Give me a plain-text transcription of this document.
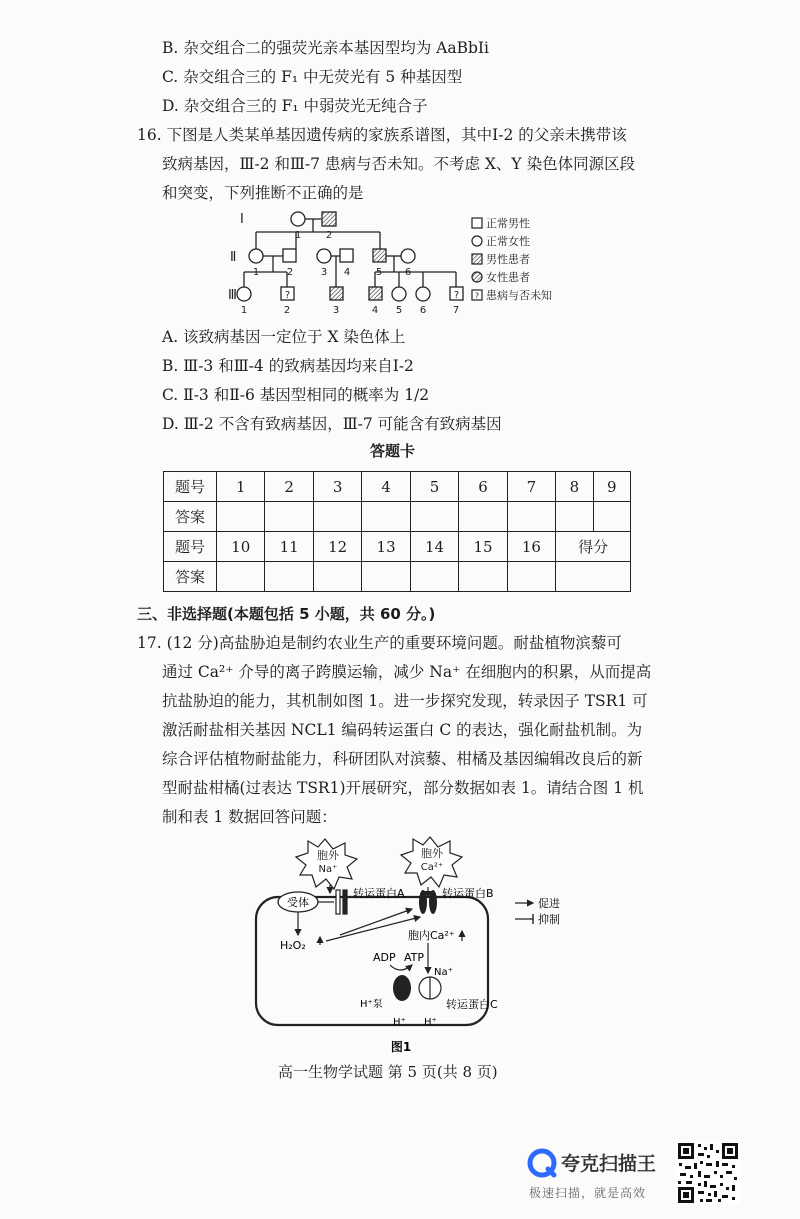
B. 杂交组合二的强荧光亲本基因型均为 AaBbIi
C. 杂交组合三的 F₁ 中无荧光有 5 种基因型
D. 杂交组合三的 F₁ 中弱荧光无纯合子
16. 下图是人类某单基因遗传病的家族系谱图，其中Ⅰ-2 的父亲未携带该
致病基因，Ⅲ-2 和Ⅲ-7 患病与否未知。不考虑 X、Y 染色体同源区段
和突变，下列推断不正确的是
?	?
Ⅰ
Ⅱ
Ⅲ
1 2
1	2	3 4	5 6
1	2	3	4 5 6	7
?
正常男性
正常女性
男性患者
女性患者
患病与否未知
A. 该致病基因一定位于 X 染色体上
B. Ⅲ-3 和Ⅲ-4 的致病基因均来自Ⅰ-2
C. Ⅱ-3 和Ⅱ-6 基因型相同的概率为 1/2
D. Ⅲ-2 不含有致病基因，Ⅲ-7 可能含有致病基因
答题卡
题号	1	2	3	4	5	6	7	8	9
答案									
题号	10	11	12	13	14	15	16	得分	
答案									
三、非选择题(本题包括 5 小题，共 60 分。)
17. (12 分)高盐胁迫是制约农业生产的重要环境问题。耐盐植物滨藜可
通过 Ca²⁺ 介导的离子跨膜运输，减少 Na⁺ 在细胞内的积累，从而提高
抗盐胁迫的能力，其机制如图 1。进一步探究发现，转录因子 TSR1 可
激活耐盐相关基因 NCL1 编码转运蛋白 C 的表达，强化耐盐机制。为
综合评估植物耐盐能力，科研团队对滨藜、柑橘及基因编辑改良后的新
型耐盐柑橘(过表达 TSR1)开展研究，部分数据如表 1。请结合图 1 机
制和表 1 数据回答问题：
胞外
Na⁺
胞外
Ca²⁺
受体
转运蛋白A	转运蛋白B
H₂O₂
胞内Ca²⁺
ADP ATP
Na⁺
H⁺泵
H⁺
转运蛋白C
H⁺
促进
抑制
图1
高一生物学试题 第 5 页(共 8 页)
夸克扫描王
极速扫描，就是高效
